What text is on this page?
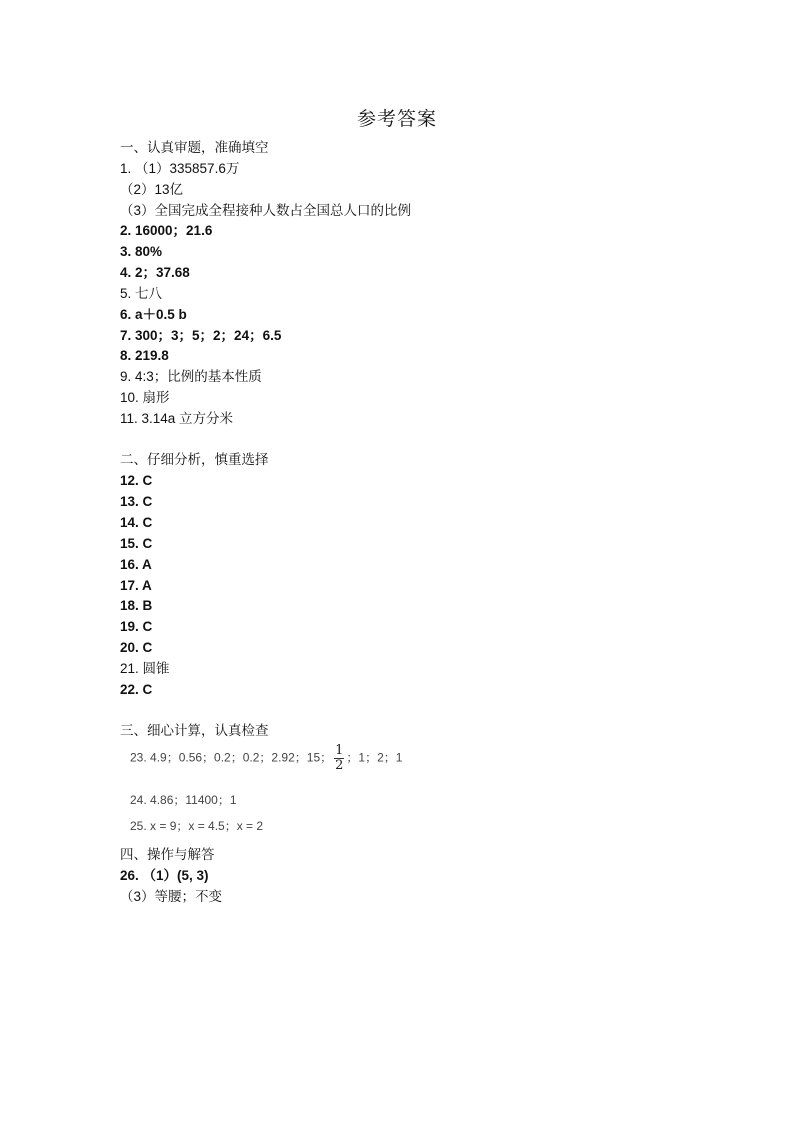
参考答案
一、认真审题，准确填空
1. （1）335857.6万
（2）13亿
（3）全国完成全程接种人数占全国总人口的比例
2. 16000；21.6
3. 80%
4. 2；37.68
5. 七八
6. a＋0.5 b
7. 300；3；5；2；24；6.5
8. 219.8
9. 4:3；比例的基本性质
10. 扇形
11. 3.14a 立方分米
二、仔细分析，慎重选择
12. C
13. C
14. C
15. C
16. A
17. A
18. B
19. C
20. C
21. 圆锥
22. C
三、细心计算，认真检查
23. 4.9；0.56；0.2；0.2；2.92；15； $\frac{1}{2}$ ；1；2；1
24. 4.86；11400；1
25. x = 9；x = 4.5；x = 2
四、操作与解答
26. （1）(5, 3)
（3）等腰；不变
